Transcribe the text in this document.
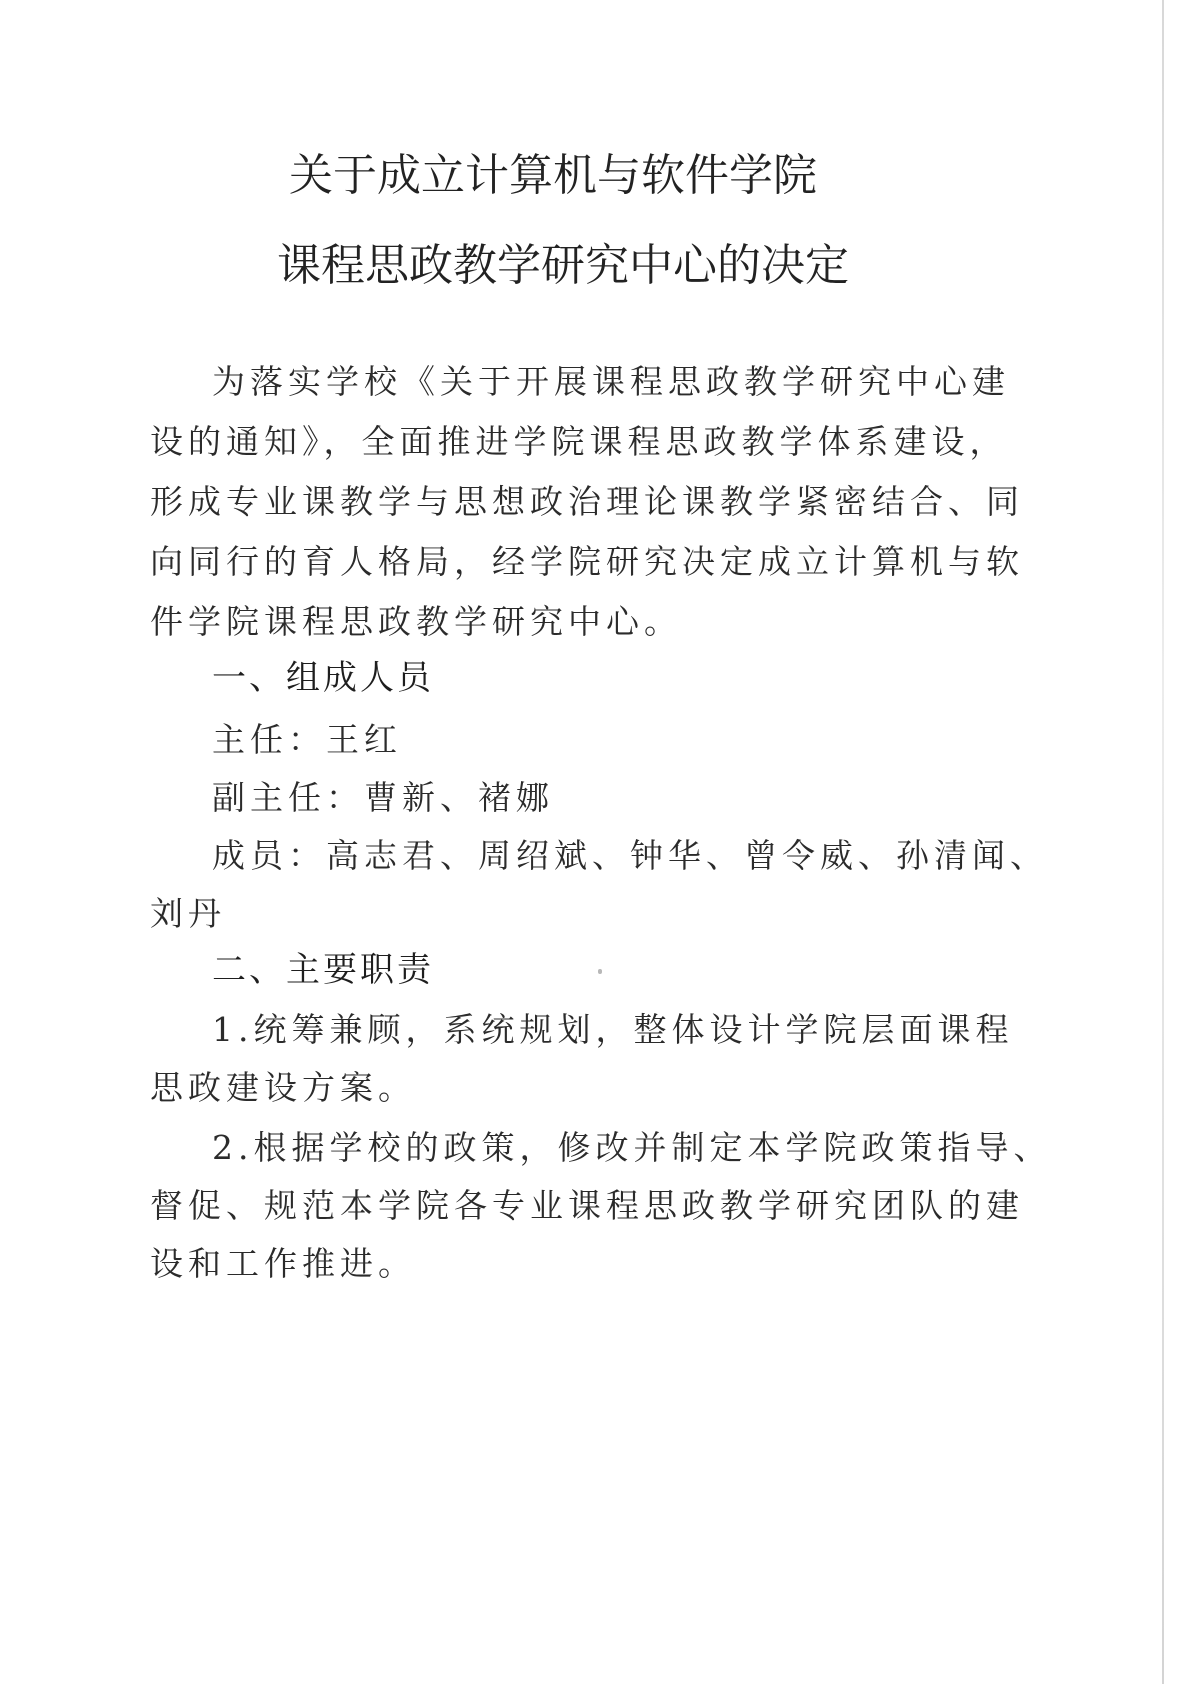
关于成立计算机与软件学院
课程思政教学研究中心的决定
为落实学校《关于开展课程思政教学研究中心建
设的通知》，全面推进学院课程思政教学体系建设，
形成专业课教学与思想政治理论课教学紧密结合、同
向同行的育人格局，经学院研究决定成立计算机与软
件学院课程思政教学研究中心。
一、组成人员
主任：王红
副主任：曹新、褚娜
成员：高志君、周绍斌、钟华、曾令威、孙清闻、
刘丹
二、主要职责
1.统筹兼顾，系统规划，整体设计学院层面课程
思政建设方案。
2.根据学校的政策，修改并制定本学院政策指导、
督促、规范本学院各专业课程思政教学研究团队的建
设和工作推进。
